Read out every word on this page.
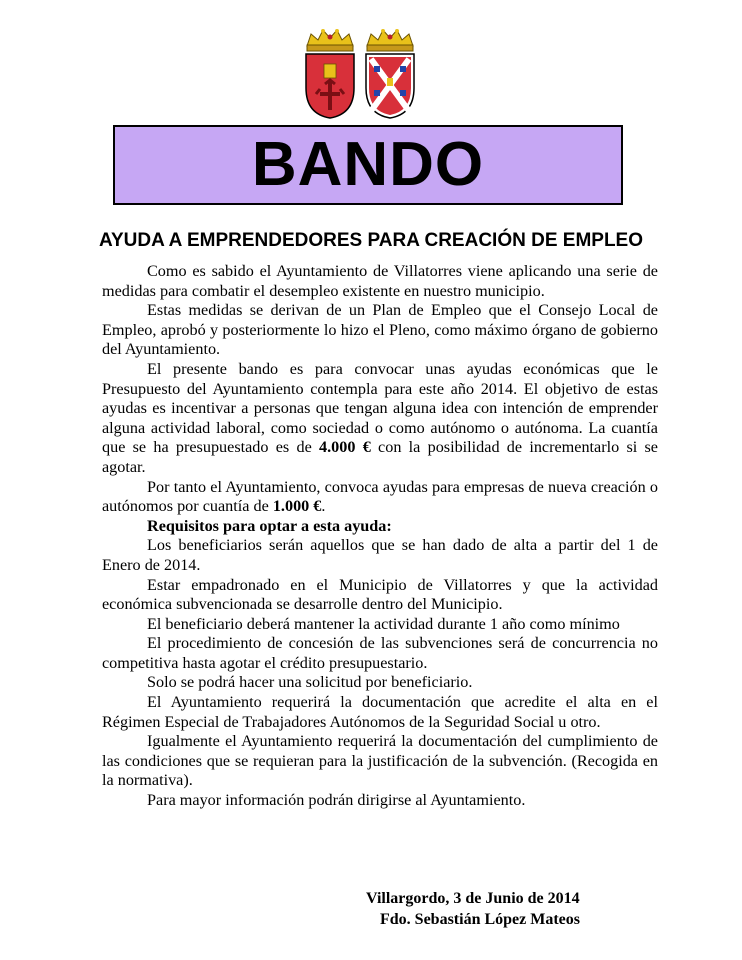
BANDO
AYUDA A EMPRENDEDORES PARA CREACIÓN DE EMPLEO

Como es sabido el Ayuntamiento de Villatorres viene aplicando una serie de medidas para combatir el desempleo existente en nuestro municipio.

Estas medidas se derivan de un Plan de Empleo que el Consejo Local de Empleo, aprobó y posteriormente lo hizo el Pleno, como máximo órgano de gobierno del Ayuntamiento.

El presente bando es para convocar unas ayudas económicas que le Presupuesto del Ayuntamiento contempla para este año 2014. El objetivo de estas ayudas es incentivar a personas que tengan alguna idea con intención de emprender alguna actividad laboral, como sociedad o como autónomo o autónoma. La cuantía que se ha presupuestado es de 4.000 € con la posibilidad de incrementarlo si se agotar.

Por tanto el Ayuntamiento, convoca ayudas para empresas de nueva creación o autónomos por cuantía de 1.000 €.

Requisitos para optar a esta ayuda:

Los beneficiarios serán aquellos que se han dado de alta a partir del 1 de Enero de 2014.

Estar empadronado en el Municipio de Villatorres y que la actividad económica subvencionada se desarrolle dentro del Municipio.

El beneficiario deberá mantener la actividad durante 1 año como mínimo

El procedimiento de concesión de las subvenciones será de concurrencia no competitiva hasta agotar el crédito presupuestario.

Solo se podrá hacer una solicitud por beneficiario.

El Ayuntamiento requerirá la documentación que acredite el alta en el Régimen Especial de Trabajadores Autónomos de la Seguridad Social u otro.

Igualmente el Ayuntamiento requerirá la documentación del cumplimiento de las condiciones que se requieran para la justificación de la subvención. (Recogida en la normativa).

Para mayor información podrán dirigirse al Ayuntamiento.

Villargordo, 3 de Junio de 2014
Fdo. Sebastián López Mateos
